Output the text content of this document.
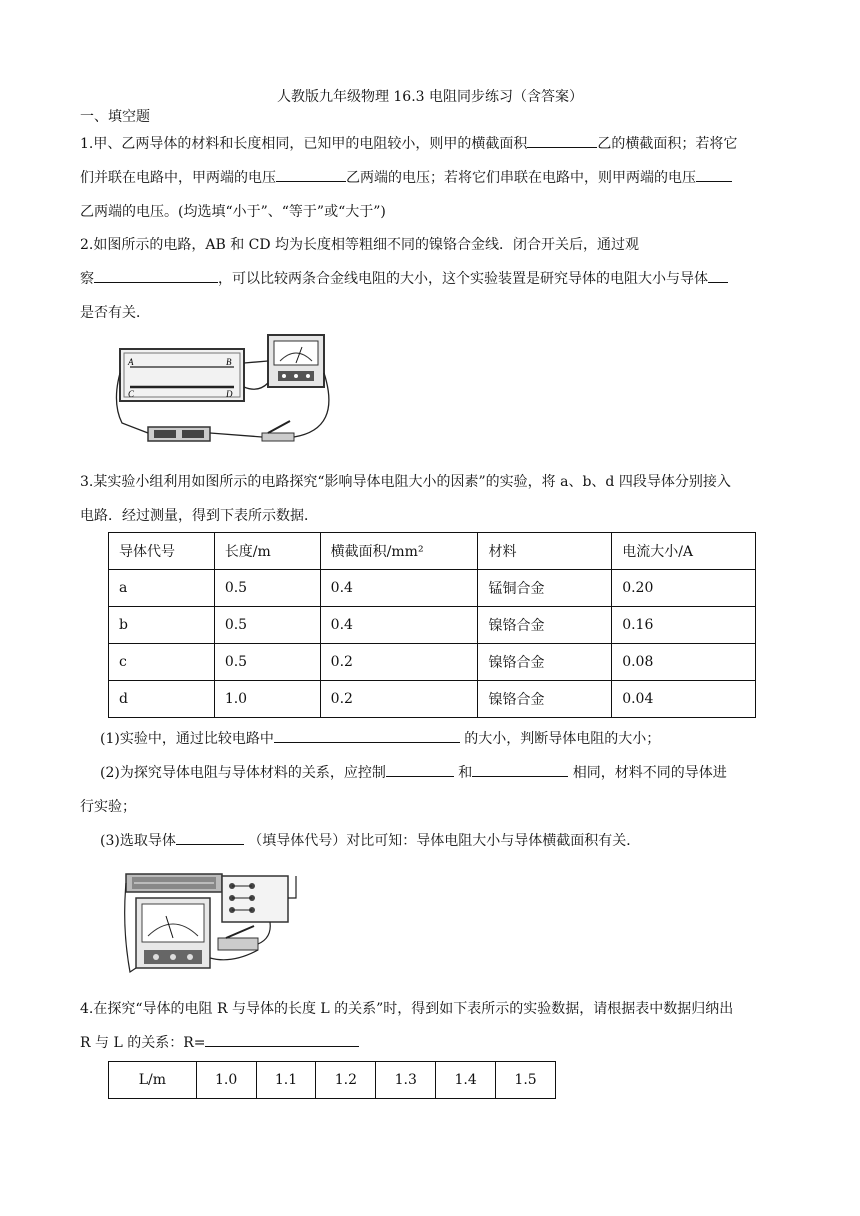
人教版九年级物理 16.3 电阻同步练习（含答案）
一、填空题
1.甲、乙两导体的材料和长度相同，已知甲的电阻较小，则甲的横截面积	乙的横截面积；若将它
们并联在电路中，甲两端的电压	乙两端的电压；若将它们串联在电路中，则甲两端的电压
乙两端的电压。(均选填“小于”、“等于”或“大于”)
2.如图所示的电路，AB 和 CD 均为长度相等粗细不同的镍铬合金线．闭合开关后，通过观
察	，可以比较两条合金线电阻的大小，这个实验装置是研究导体的电阻大小与导体
是否有关．
A	B
C	D
3.某实验小组利用如图所示的电路探究“影响导体电阻大小的因素”的实验，将 a、b、d 四段导体分别接入
电路．经过测量，得到下表所示数据．
导体代号	长度/m	横截面积/mm²	材料	电流大小/A
a	0.5	0.4	锰铜合金	0.20
b	0.5	0.4	镍铬合金	0.16
c	0.5	0.2	镍铬合金	0.08
d	1.0	0.2	镍铬合金	0.04
(1)实验中，通过比较电路中	的大小，判断导体电阻的大小；
(2)为探究导体电阻与导体材料的关系，应控制	和	相同，材料不同的导体进
行实验；
(3)选取导体	（填导体代号）对比可知：导体电阻大小与导体横截面积有关．
4.在探究“导体的电阻 R 与导体的长度 L 的关系”时，得到如下表所示的实验数据，请根据表中数据归纳出
R 与 L 的关系：R=
L/m	1.0	1.1	1.2	1.3	1.4	1.5
